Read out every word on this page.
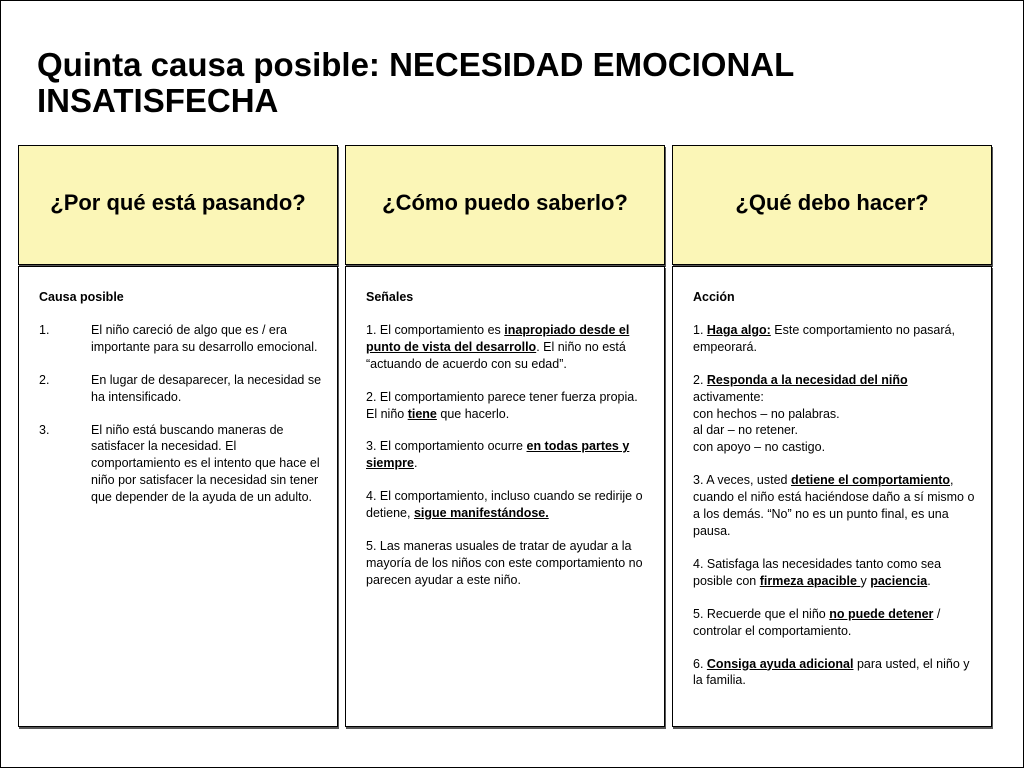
Quinta causa posible: NECESIDAD EMOCIONAL INSATISFECHA
¿Por qué está pasando?
Causa posible
1.	El niño careció de algo que es / era importante para su desarrollo emocional.
2.	En lugar de desaparecer, la necesidad se ha intensificado.
3.	El niño está buscando maneras de satisfacer la necesidad. El comportamiento es el intento que hace el niño por satisfacer la necesidad sin tener que depender de la ayuda de un adulto.
¿Cómo puedo saberlo?
Señales
1. El comportamiento es inapropiado desde el punto de vista del desarrollo. El niño no está “actuando de acuerdo con su edad”.
2. El comportamiento parece tener fuerza propia. El niño tiene que hacerlo.
3. El comportamiento ocurre en todas partes y siempre.
4. El comportamiento, incluso cuando se redirije o detiene, sigue manifestándose.
5. Las maneras usuales de tratar de ayudar a la mayoría de los niños con este comportamiento no parecen ayudar a este niño.
¿Qué debo hacer?
Acción
1. Haga algo: Este comportamiento no pasará, empeorará.
2. Responda a la necesidad del niño activamente:
con hechos – no palabras.
al dar – no retener.
con apoyo – no castigo.
3. A veces, usted detiene el comportamiento, cuando el niño está haciéndose daño a sí mismo o a los demás. “No” no es un punto final, es una pausa.
4. Satisfaga las necesidades tanto como sea posible con firmeza apacible y paciencia.
5. Recuerde que el niño no puede detener / controlar el comportamiento.
6. Consiga ayuda adicional para usted, el niño y la familia.
